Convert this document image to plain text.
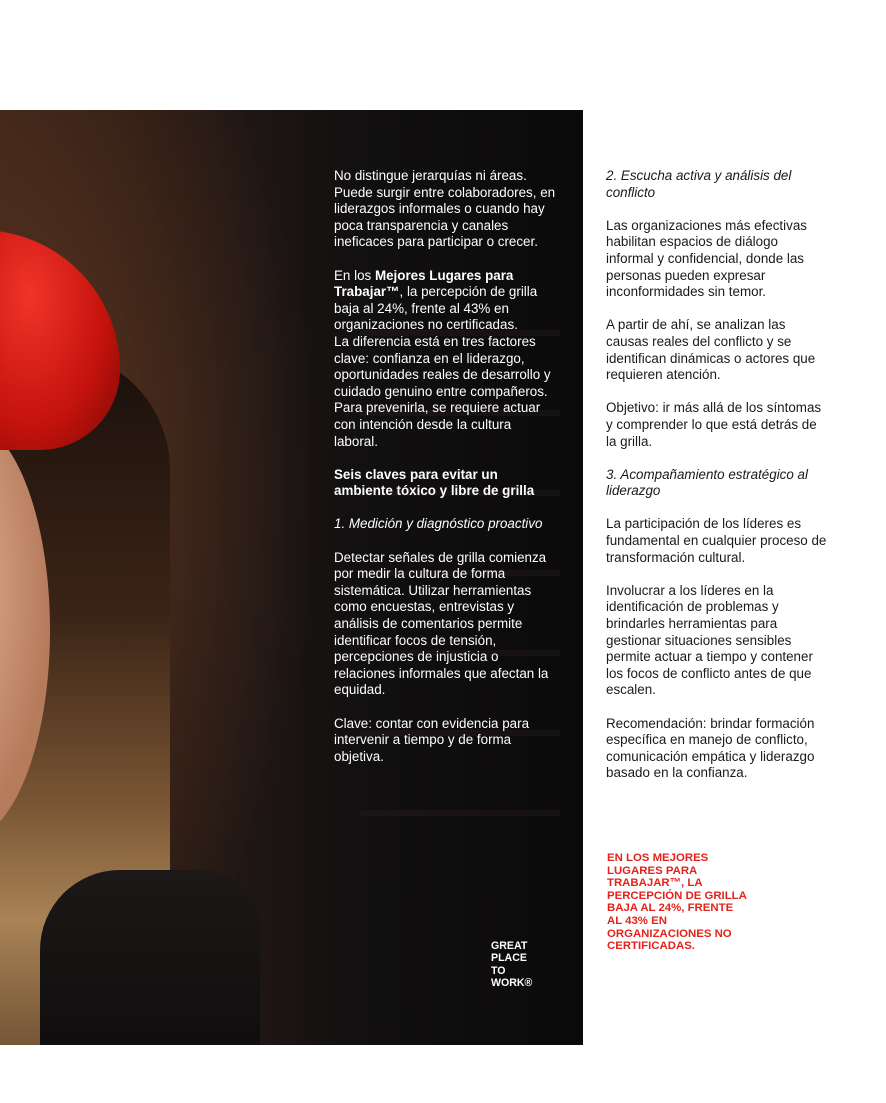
GREAT
PLACE
TO
WORK®

No distingue jerarquías ni áreas. Puede surgir entre colaboradores, en liderazgos informales o cuando hay poca transparencia y canales ineficaces para participar o crecer.

En los Mejores Lugares para Trabajar™, la percepción de grilla baja al 24%, frente al 43% en organizaciones no certificadas.
La diferencia está en tres factores clave: confianza en el liderazgo, oportunidades reales de desarrollo y cuidado genuino entre compañeros. Para prevenirla, se requiere actuar con intención desde la cultura laboral.

Seis claves para evitar un ambiente tóxico y libre de grilla

1. Medición y diagnóstico proactivo

Detectar señales de grilla comienza por medir la cultura de forma sistemática. Utilizar herramientas como encuestas, entrevistas y análisis de comentarios permite identificar focos de tensión, percepciones de injusticia o relaciones informales que afectan la equidad.

Clave: contar con evidencia para intervenir a tiempo y de forma objetiva.

2. Escucha activa y análisis del conflicto

Las organizaciones más efectivas habilitan espacios de diálogo informal y confidencial, donde las personas pueden expresar inconformidades sin temor.

A partir de ahí, se analizan las causas reales del conflicto y se identifican dinámicas o actores que requieren atención.

Objetivo: ir más allá de los síntomas y comprender lo que está detrás de la grilla.

3. Acompañamiento estratégico al liderazgo

La participación de los líderes es fundamental en cualquier proceso de transformación cultural.

Involucrar a los líderes en la identificación de problemas y brindarles herramientas para gestionar situaciones sensibles permite actuar a tiempo y contener los focos de conflicto antes de que escalen.

Recomendación: brindar formación específica en manejo de conflicto, comunicación empática y liderazgo basado en la confianza.

EN LOS MEJORES LUGARES PARA TRABAJAR™, LA PERCEPCIÓN DE GRILLA BAJA AL 24%, FRENTE AL 43% EN ORGANIZACIONES NO CERTIFICADAS.
